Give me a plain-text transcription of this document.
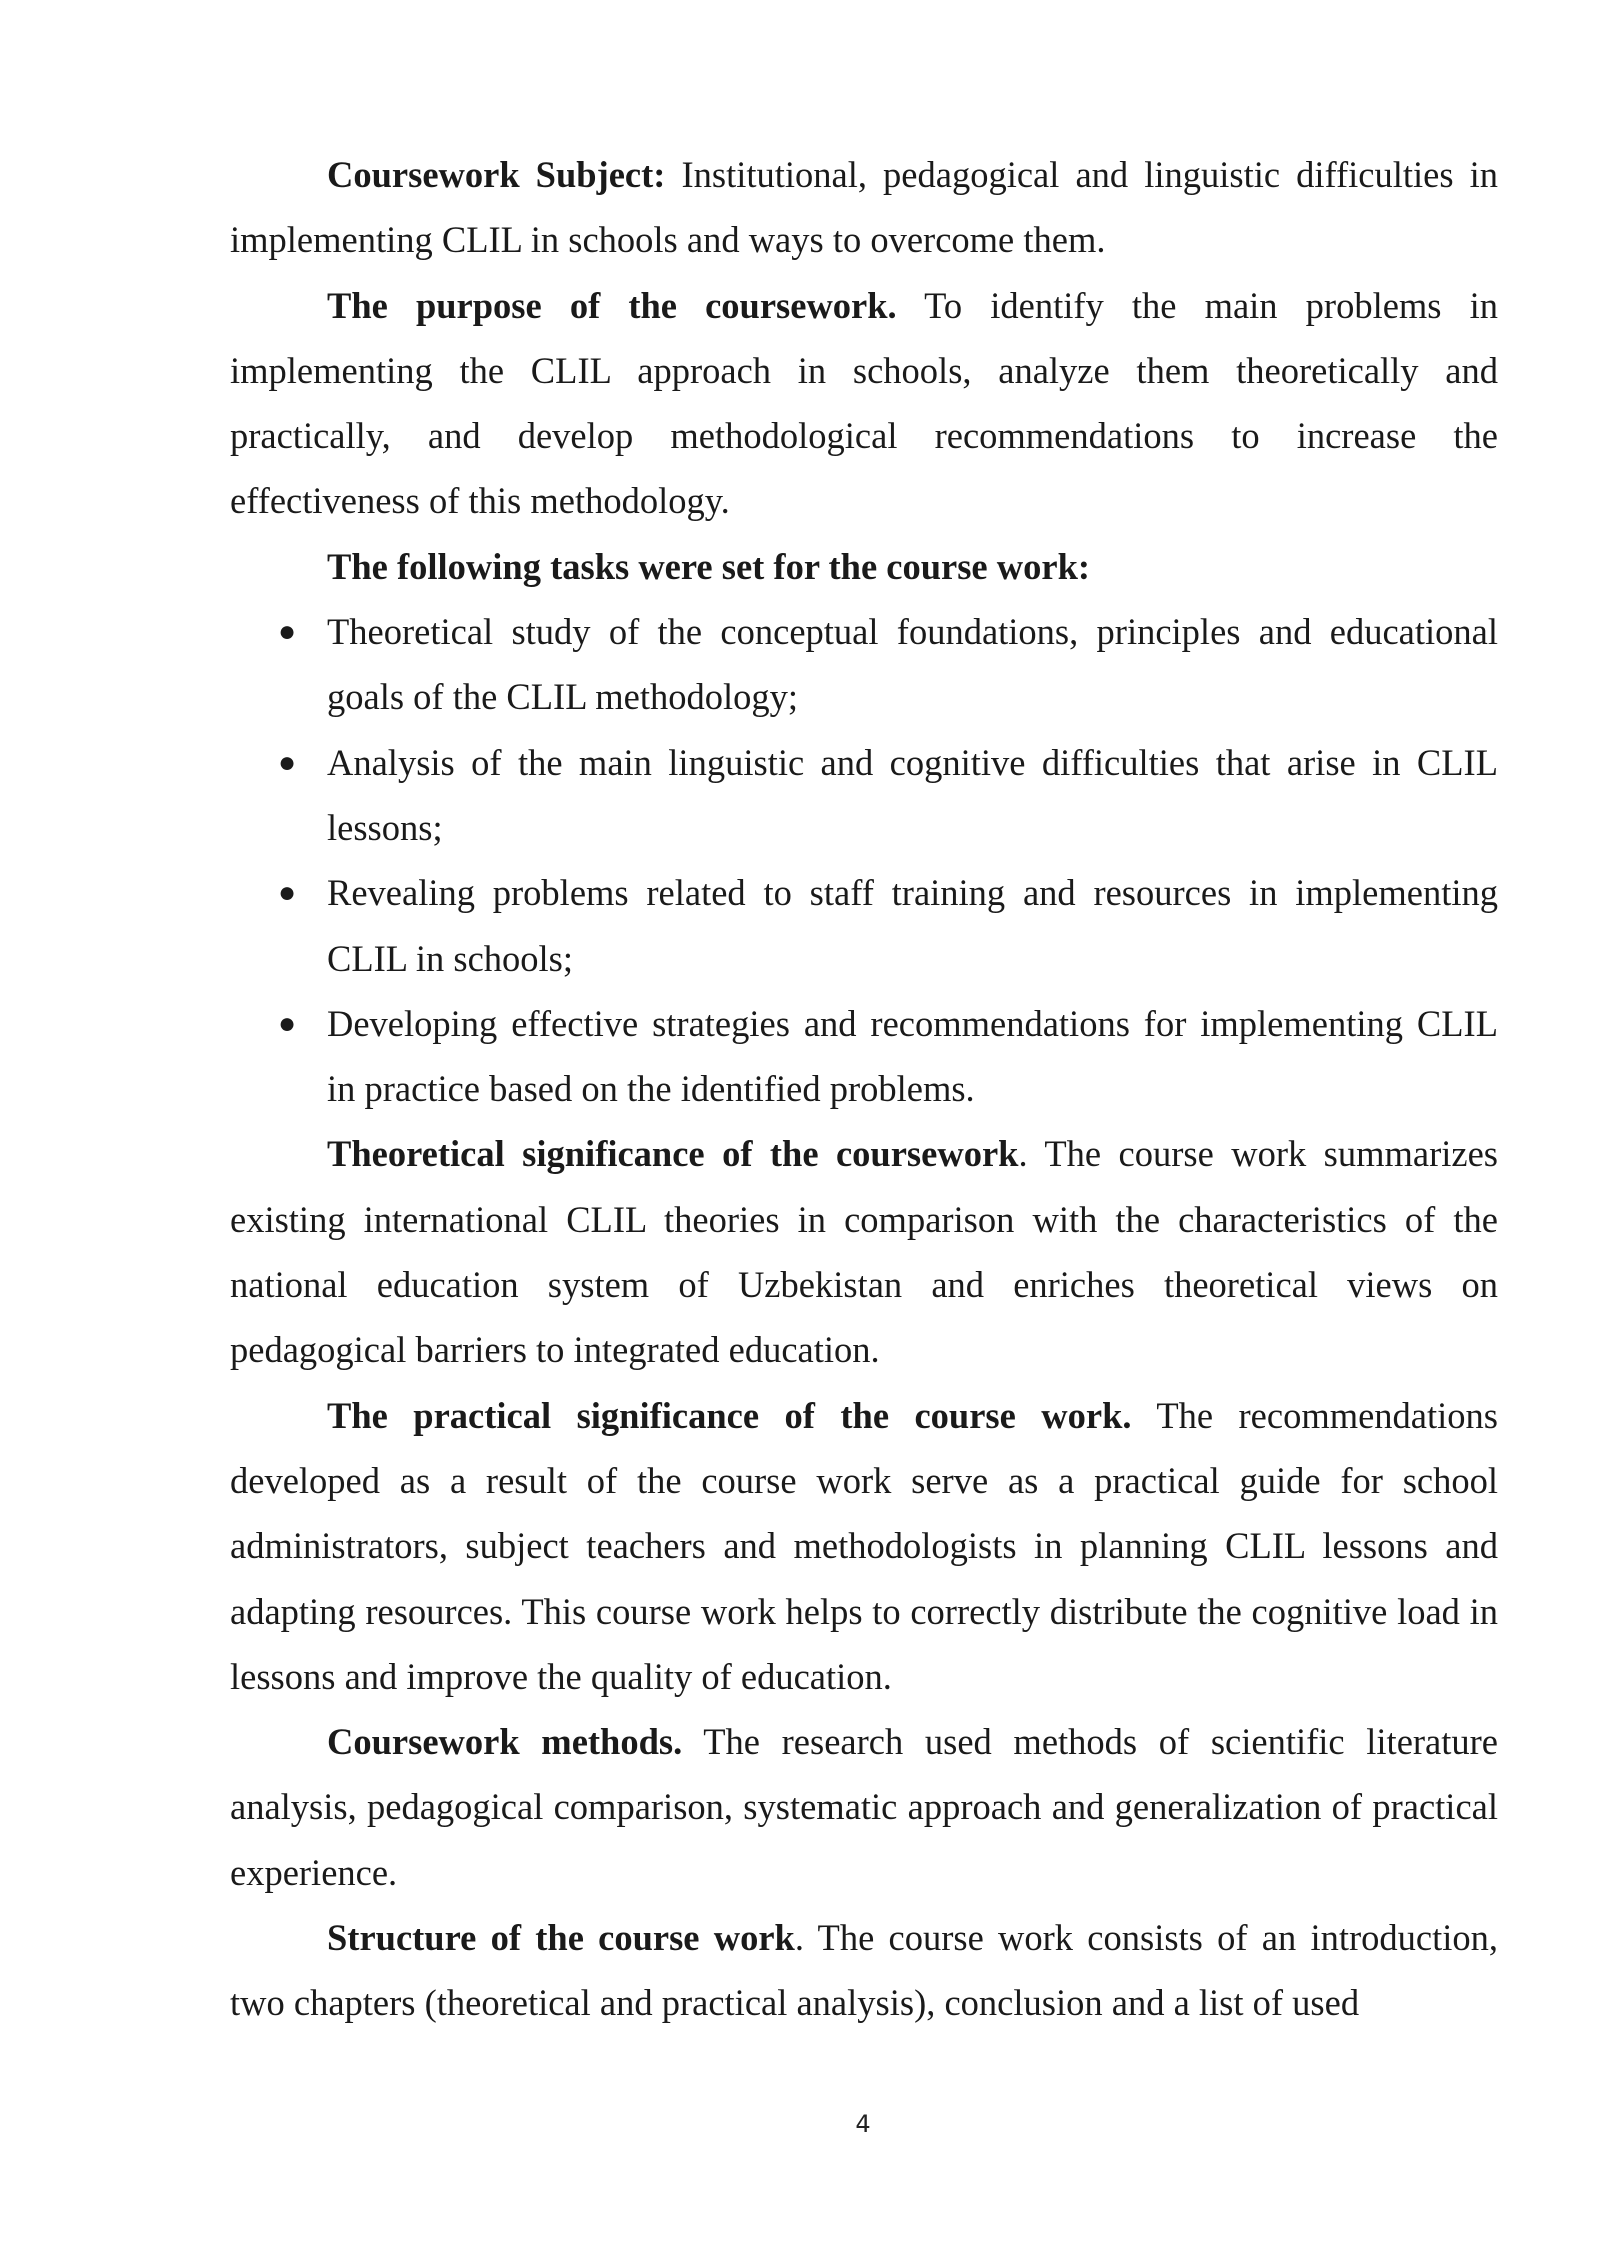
Coursework Subject: Institutional, pedagogical and linguistic difficulties in implementing CLIL in schools and ways to overcome them.

The purpose of the coursework. To identify the main problems in implementing the CLIL approach in schools, analyze them theoretically and practically, and develop methodological recommendations to increase the effectiveness of this methodology.

The following tasks were set for the course work:

● Theoretical study of the conceptual foundations, principles and educational goals of the CLIL methodology;
● Analysis of the main linguistic and cognitive difficulties that arise in CLIL lessons;
● Revealing problems related to staff training and resources in implementing CLIL in schools;
● Developing effective strategies and recommendations for implementing CLIL in practice based on the identified problems.

Theoretical significance of the coursework. The course work summarizes existing international CLIL theories in comparison with the characteristics of the national education system of Uzbekistan and enriches theoretical views on pedagogical barriers to integrated education.

The practical significance of the course work. The recommendations developed as a result of the course work serve as a practical guide for school administrators, subject teachers and methodologists in planning CLIL lessons and adapting resources. This course work helps to correctly distribute the cognitive load in lessons and improve the quality of education.

Coursework methods. The research used methods of scientific literature analysis, pedagogical comparison, systematic approach and generalization of practical experience.

Structure of the course work. The course work consists of an introduction, two chapters (theoretical and practical analysis), conclusion and a list of used

4
